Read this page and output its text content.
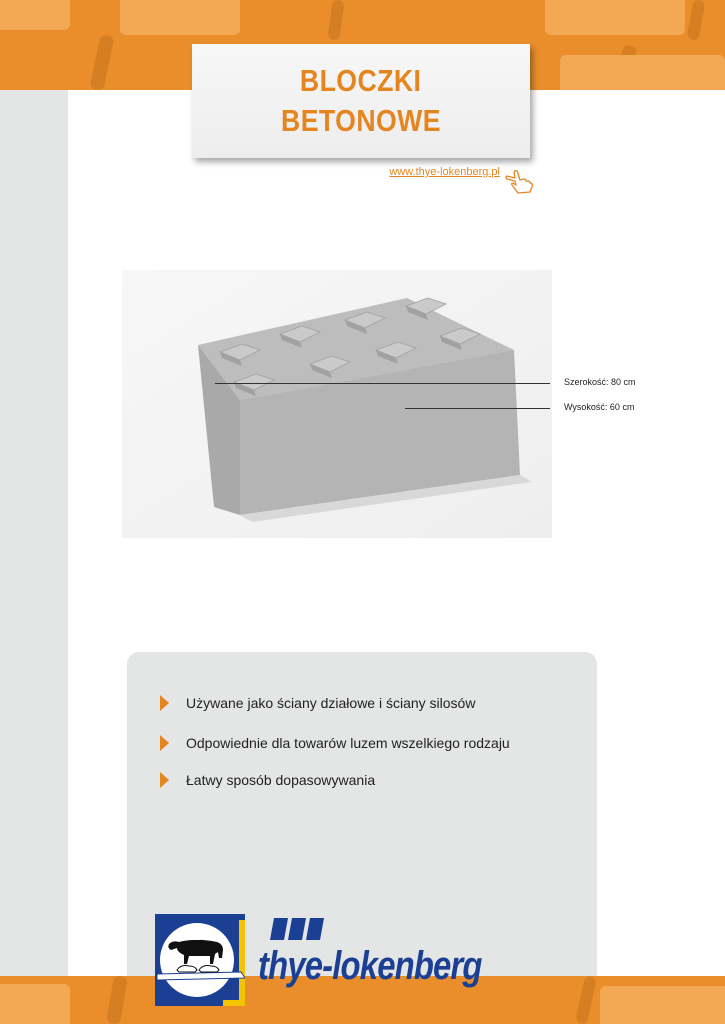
BLOCZKI
BETONOWE
www.thye-lokenberg.pl
Szerokość: 80 cm
Wysokość: 60 cm
Używane jako ściany działowe i ściany silosów
Odpowiednie dla towarów luzem wszelkiego rodzaju
Łatwy sposób dopasowywania
thye-lokenberg
